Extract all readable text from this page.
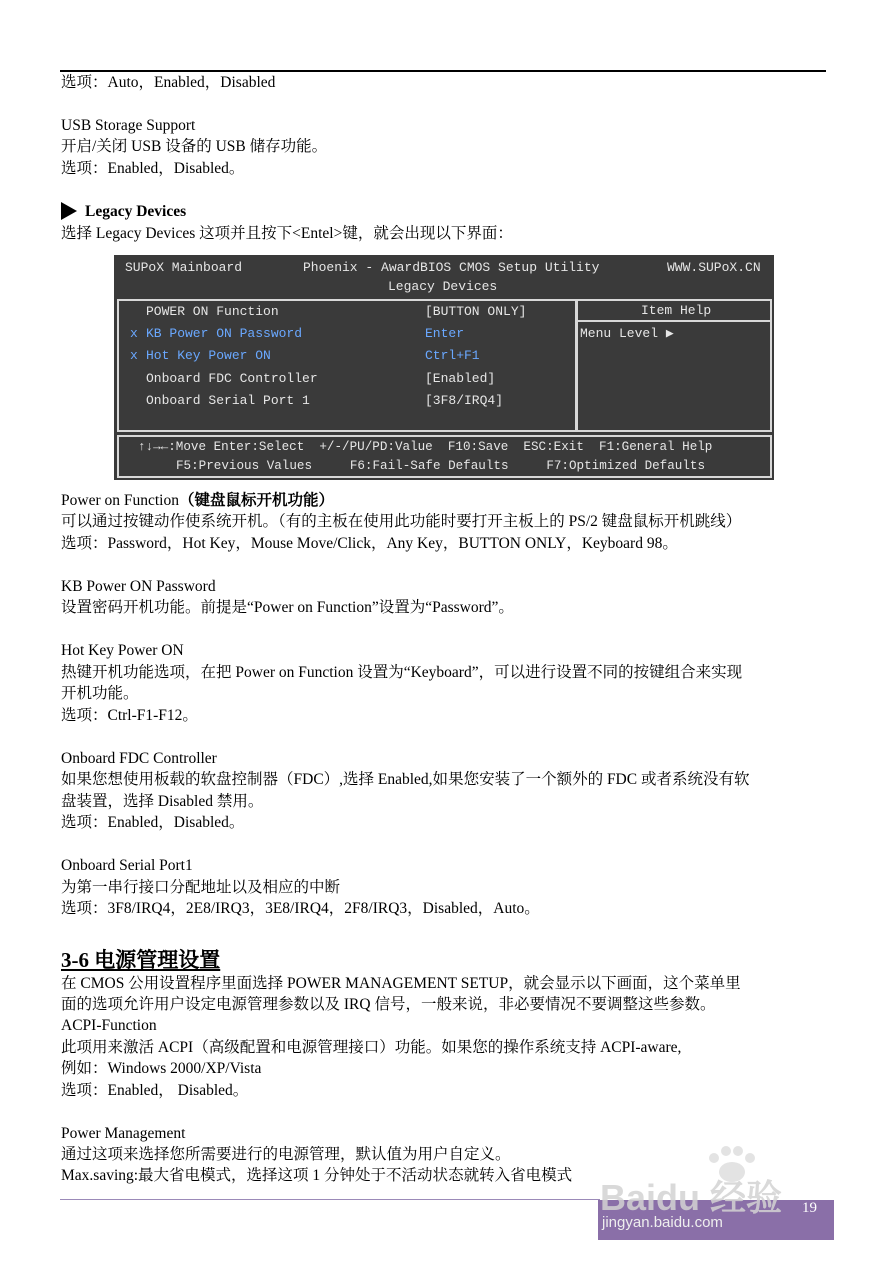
选项：Auto，Enabled，Disabled
USB Storage Support
开启/关闭 USB 设备的 USB 储存功能。
选项：Enabled，Disabled。
Legacy Devices
选择 Legacy Devices 这项并且按下<Entel>键，就会出现以下界面：
SUPoX Mainboard	Phoenix - AwardBIOS CMOS Setup Utility	WWW.SUPoX.CN
Legacy Devices
POWER ON Function	[BUTTON ONLY]
x KB Power ON Password	Enter
x Hot Key Power ON	Ctrl+F1
Onboard FDC Controller	[Enabled]
Onboard Serial Port 1	[3F8/IRQ4]
Item Help
Menu Level ▶
↑↓→←:Move Enter:Select  +/-/PU/PD:Value  F10:Save  ESC:Exit  F1:General Help
F5:Previous Values     F6:Fail-Safe Defaults     F7:Optimized Defaults
Power on Function（键盘鼠标开机功能）
可以通过按键动作使系统开机。（有的主板在使用此功能时要打开主板上的 PS/2 键盘鼠标开机跳线）
选项：Password，Hot Key，Mouse Move/Click，Any Key，BUTTON ONLY，Keyboard 98。
KB Power ON Password
设置密码开机功能。前提是“Power on Function”设置为“Password”。
Hot Key Power ON
热键开机功能选项，在把 Power on Function 设置为“Keyboard”，可以进行设置不同的按键组合来实现
开机功能。
选项：Ctrl-F1-F12。
Onboard FDC Controller
如果您想使用板载的软盘控制器（FDC）,选择 Enabled,如果您安装了一个额外的 FDC 或者系统没有软
盘装置，选择 Disabled 禁用。
选项：Enabled，Disabled。
Onboard Serial Port1
为第一串行接口分配地址以及相应的中断
选项：3F8/IRQ4，2E8/IRQ3，3E8/IRQ4，2F8/IRQ3，Disabled，Auto。
3-6 电源管理设置
在 CMOS 公用设置程序里面选择 POWER MANAGEMENT SETUP，就会显示以下画面，这个菜单里
面的选项允许用户设定电源管理参数以及 IRQ 信号，一般来说，非必要情况不要调整这些参数。
ACPI-Function
此项用来激活 ACPI（高级配置和电源管理接口）功能。如果您的操作系统支持 ACPI-aware,
例如：Windows 2000/XP/Vista
选项：Enabled， Disabled。
Power Management
通过这项来选择您所需要进行的电源管理，默认值为用户自定义。
Max.saving:最大省电模式，选择这项 1 分钟处于不活动状态就转入省电模式
Baidu 经验
jingyan.baidu.com
19
